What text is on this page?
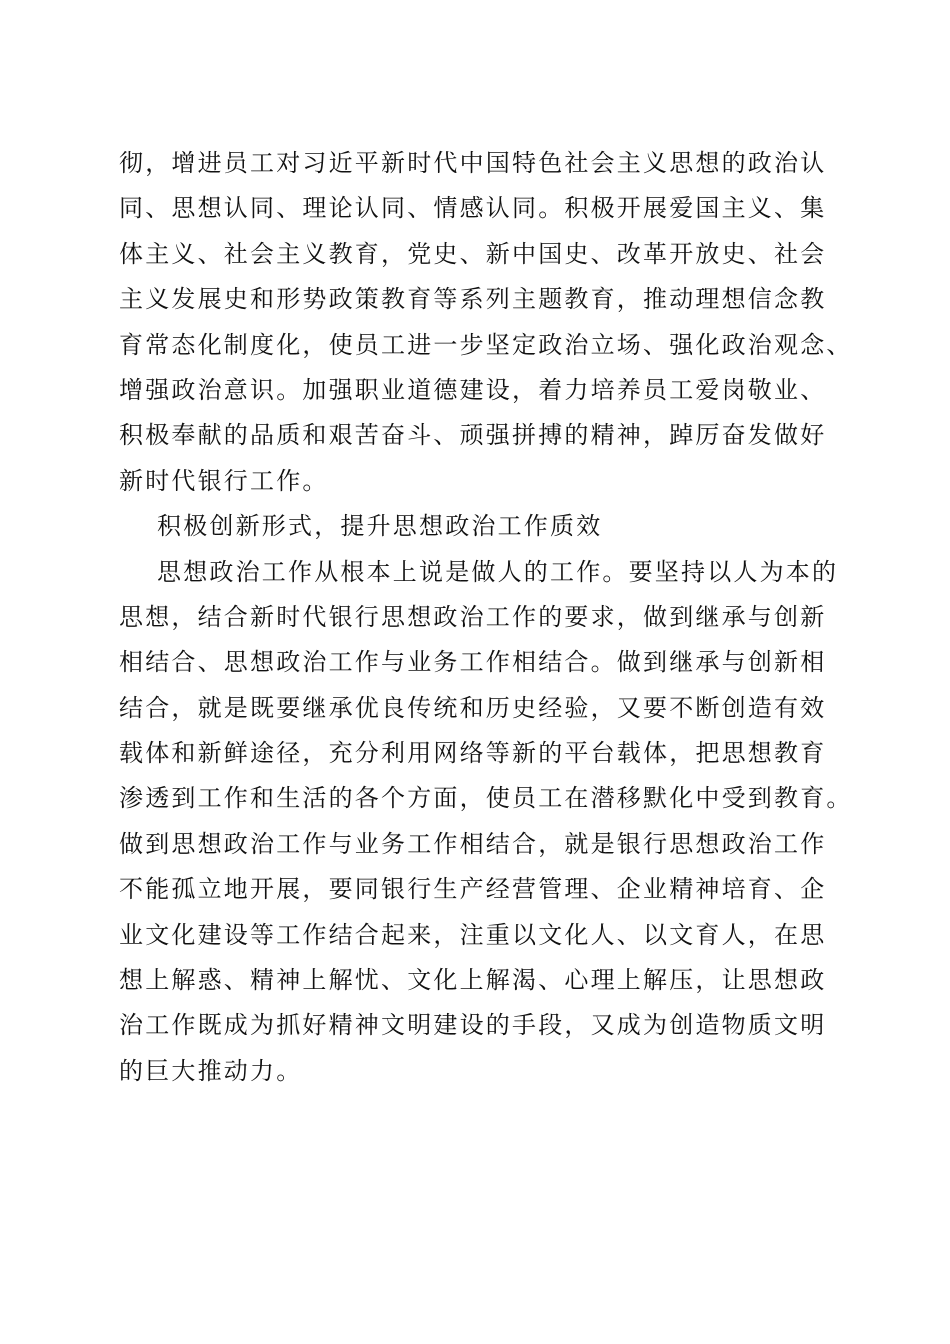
彻，增进员工对习近平新时代中国特色社会主义思想的政治认
同、思想认同、理论认同、情感认同。积极开展爱国主义、集
体主义、社会主义教育，党史、新中国史、改革开放史、社会
主义发展史和形势政策教育等系列主题教育，推动理想信念教
育常态化制度化，使员工进一步坚定政治立场、强化政治观念、
增强政治意识。加强职业道德建设，着力培养员工爱岗敬业、
积极奉献的品质和艰苦奋斗、顽强拼搏的精神，踔厉奋发做好
新时代银行工作。
积极创新形式，提升思想政治工作质效
思想政治工作从根本上说是做人的工作。要坚持以人为本的
思想，结合新时代银行思想政治工作的要求，做到继承与创新
相结合、思想政治工作与业务工作相结合。做到继承与创新相
结合，就是既要继承优良传统和历史经验，又要不断创造有效
载体和新鲜途径，充分利用网络等新的平台载体，把思想教育
渗透到工作和生活的各个方面，使员工在潜移默化中受到教育。
做到思想政治工作与业务工作相结合，就是银行思想政治工作
不能孤立地开展，要同银行生产经营管理、企业精神培育、企
业文化建设等工作结合起来，注重以文化人、以文育人，在思
想上解惑、精神上解忧、文化上解渴、心理上解压，让思想政
治工作既成为抓好精神文明建设的手段，又成为创造物质文明
的巨大推动力。
